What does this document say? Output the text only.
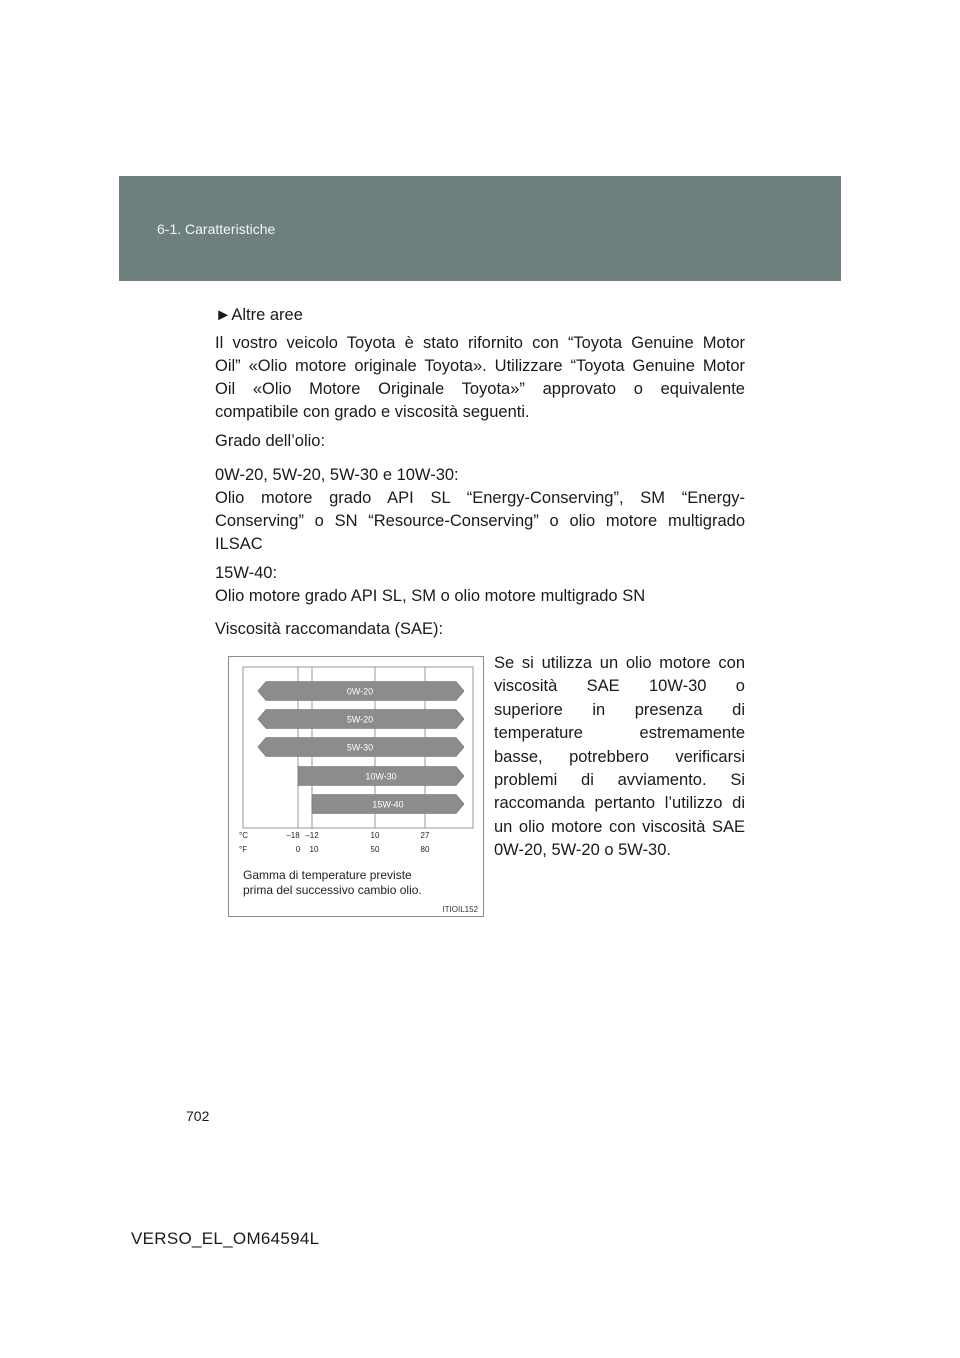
6-1. Caratteristiche
►Altre aree
Il vostro veicolo Toyota è stato rifornito con “Toyota Genuine Motor
Oil” «Olio motore originale Toyota». Utilizzare “Toyota Genuine Motor
Oil «Olio Motore Originale Toyota»” approvato o equivalente
compatibile con grado e viscosità seguenti.
Grado dell’olio:
0W-20, 5W-20, 5W-30 e 10W-30:
Olio motore grado API SL “Energy-Conserving”, SM “Energy-
Conserving” o SN “Resource-Conserving” o olio motore multigrado
ILSAC
15W-40:
Olio motore grado API SL, SM o olio motore multigrado SN
Viscosità raccomandata (SAE):
Se si utilizza un olio motore con
viscosità SAE 10W-30 o
superiore in presenza di
temperature estremamente
basse, potrebbero verificarsi
problemi di avviamento. Si
raccomanda pertanto l’utilizzo di
un olio motore con viscosità SAE
0W-20, 5W-20 o 5W-30.
0W-20
5W-20
5W-30
10W-30
15W-40
°C
°F
–18 –12	10	27
0 10	50	80
Gamma di temperature previste
prima del successivo cambio olio.
ITIOIL152
702
VERSO_EL_OM64594L
